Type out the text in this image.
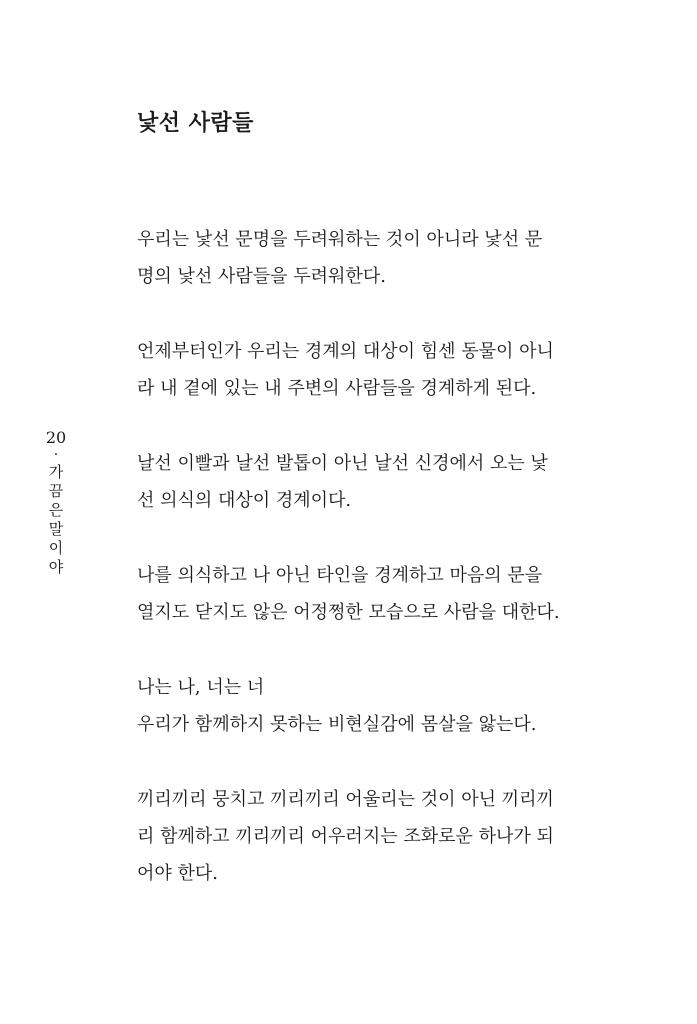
낯선 사람들
20
·
가
끔
은
말
이
야
우리는 낯선 문명을 두려워하는 것이 아니라 낯선 문
명의 낯선 사람들을 두려워한다.
언제부터인가 우리는 경계의 대상이 힘센 동물이 아니
라 내 곁에 있는 내 주변의 사람들을 경계하게 된다.
날선 이빨과 날선 발톱이 아닌 날선 신경에서 오는 낯
선 의식의 대상이 경계이다.
나를 의식하고 나 아닌 타인을 경계하고 마음의 문을
열지도 닫지도 않은 어정쩡한 모습으로 사람을 대한다.
나는 나, 너는 너
우리가 함께하지 못하는 비현실감에 몸살을 앓는다.
끼리끼리 뭉치고 끼리끼리 어울리는 것이 아닌 끼리끼
리 함께하고 끼리끼리 어우러지는 조화로운 하나가 되
어야 한다.
